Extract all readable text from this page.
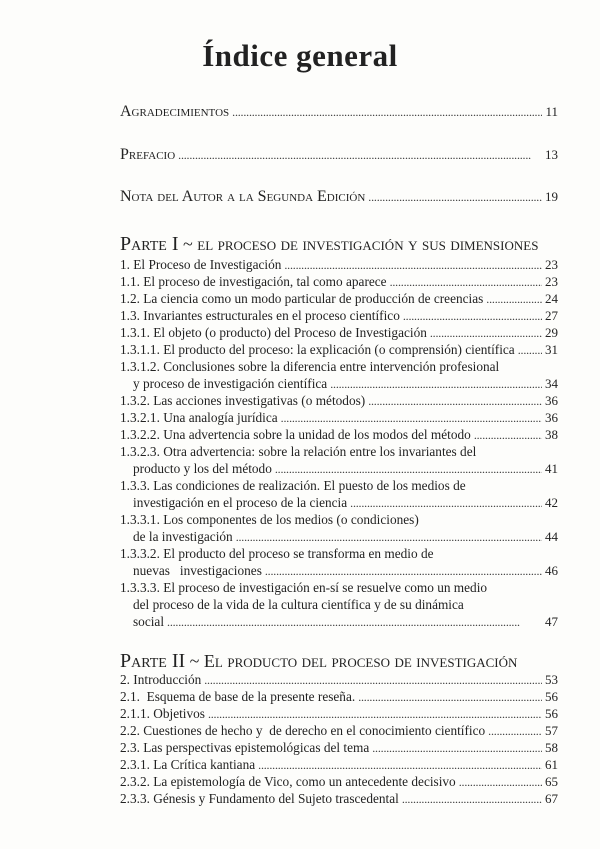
Índice general
Agradecimientos . . .	11
Prefacio . . .	13
Nota del Autor a la Segunda Edición . . .	19
Parte I ~ el proceso de investigación y sus dimensiones
1. El Proceso de Investigación . . .	23
1.1. El proceso de investigación, tal como aparece . . .	23
1.2. La ciencia como un modo particular de producción de creencias . . .	24
1.3. Invariantes estructurales en el proceso científico . . .	27
1.3.1. El objeto (o producto) del Proceso de Investigación . . .	29
1.3.1.1. El producto del proceso: la explicación (o comprensión) científica . . . 31
1.3.1.2. Conclusiones sobre la diferencia entre intervención profesional
y proceso de investigación científica . . .	34
1.3.2. Las acciones investigativas (o métodos) . . .	36
1.3.2.1. Una analogía jurídica . . .	36
1.3.2.2. Una advertencia sobre la unidad de los modos del método . . .	38
1.3.2.3. Otra advertencia: sobre la relación entre los invariantes del
producto y los del método . . .	41
1.3.3. Las condiciones de realización. El puesto de los medios de
investigación en el proceso de la ciencia . . .	42
1.3.3.1. Los componentes de los medios (o condiciones)
de la investigación . . .	44
1.3.3.2. El producto del proceso se transforma en medio de
nuevas   investigaciones . . .	46
1.3.3.3. El proceso de investigación en-sí se resuelve como un medio
del proceso de la vida de la cultura científica y de su dinámica
social . . .	47
Parte II ~ El producto del proceso de investigación
2. Introducción . . .	53
2.1.  Esquema de base de la presente reseña. . . .	56
2.1.1. Objetivos . . .	56
2.2. Cuestiones de hecho y  de derecho en el conocimiento científico . . .	57
2.3. Las perspectivas epistemológicas del tema . . .	58
2.3.1. La Crítica kantiana . . .	61
2.3.2. La epistemología de Vico, como un antecedente decisivo . . .	65
2.3.3. Génesis y Fundamento del Sujeto trascedental . . .	67
